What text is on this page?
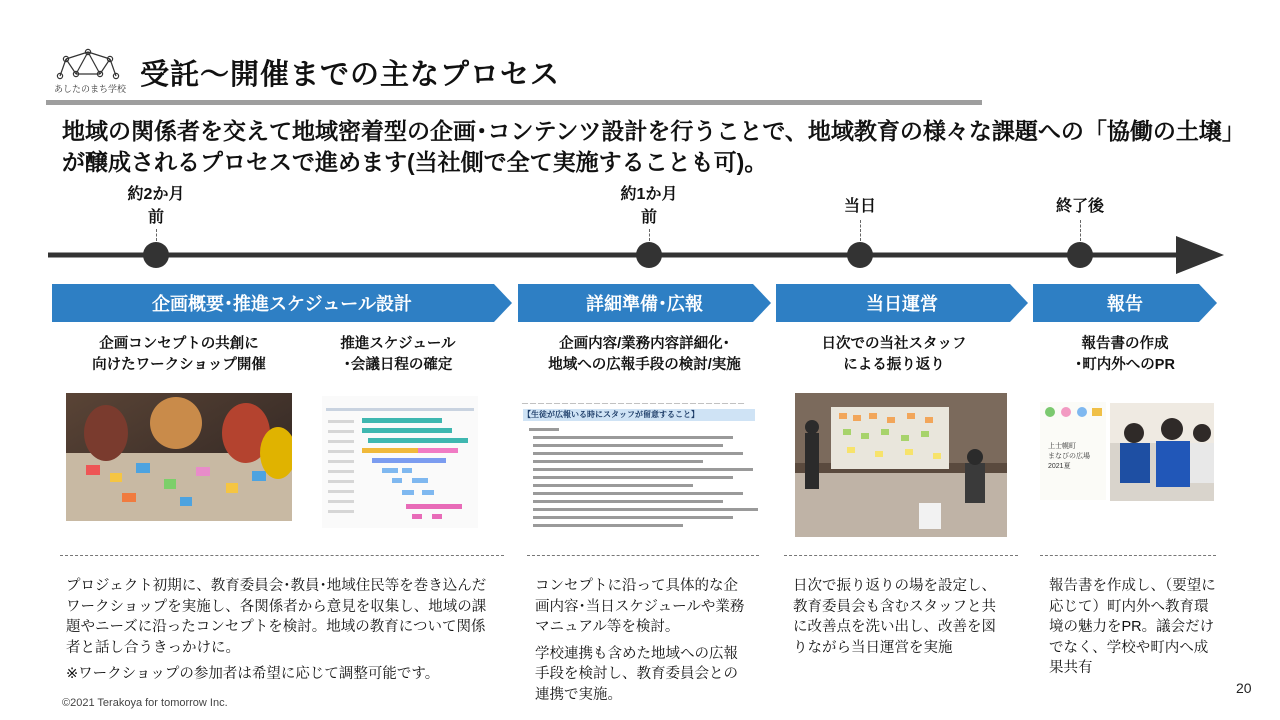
あしたのまち学校 受託〜開催までの主なプロセス
地域の関係者を交えて地域密着型の企画･コンテンツ設計を行うことで、地域教育の様々な課題への「協働の土壌」が醸成されるプロセスで進めます(当社側で全て実施することも可)。
約2か月
前
約1か月
前
当日	終了後
企画概要･推進スケジュール設計	詳細準備･広報	当日運営	報告
企画コンセプトの共創に
向けたワークショップ開催
推進スケジュール
･会議日程の確定
企画内容/業務内容詳細化･
地域への広報手段の検討/実施
日次での当社スタッフ
による振り返り
報告書の作成
･町内外へのPR
－－－－－－－－－－－－－－－－－－－－－－－－－－－－
【生徒が広報いる時にスタッフが留意すること】
上士幌町
まなびの広場
2021夏

プロジェクト初期に、教育委員会･教員･地域住民等を巻き込んだワークショップを実施し、各関係者から意見を収集し、地域の課題やニーズに沿ったコンセプトを検討。地域の教育について関係者と話し合うきっかけに。

※ワークショップの参加者は希望に応じて調整可能です。

コンセプトに沿って具体的な企画内容･当日スケジュールや業務マニュアル等を検討。

学校連携も含めた地域への広報手段を検討し、教育委員会との連携で実施。

日次で振り返りの場を設定し、教育委員会も含むスタッフと共に改善点を洗い出し、改善を図りながら当日運営を実施

報告書を作成し、（要望に応じて）町内外へ教育環境の魅力をPR。議会だけでなく、学校や町内へ成果共有

©2021 Terakoya for tomorrow Inc.
20
